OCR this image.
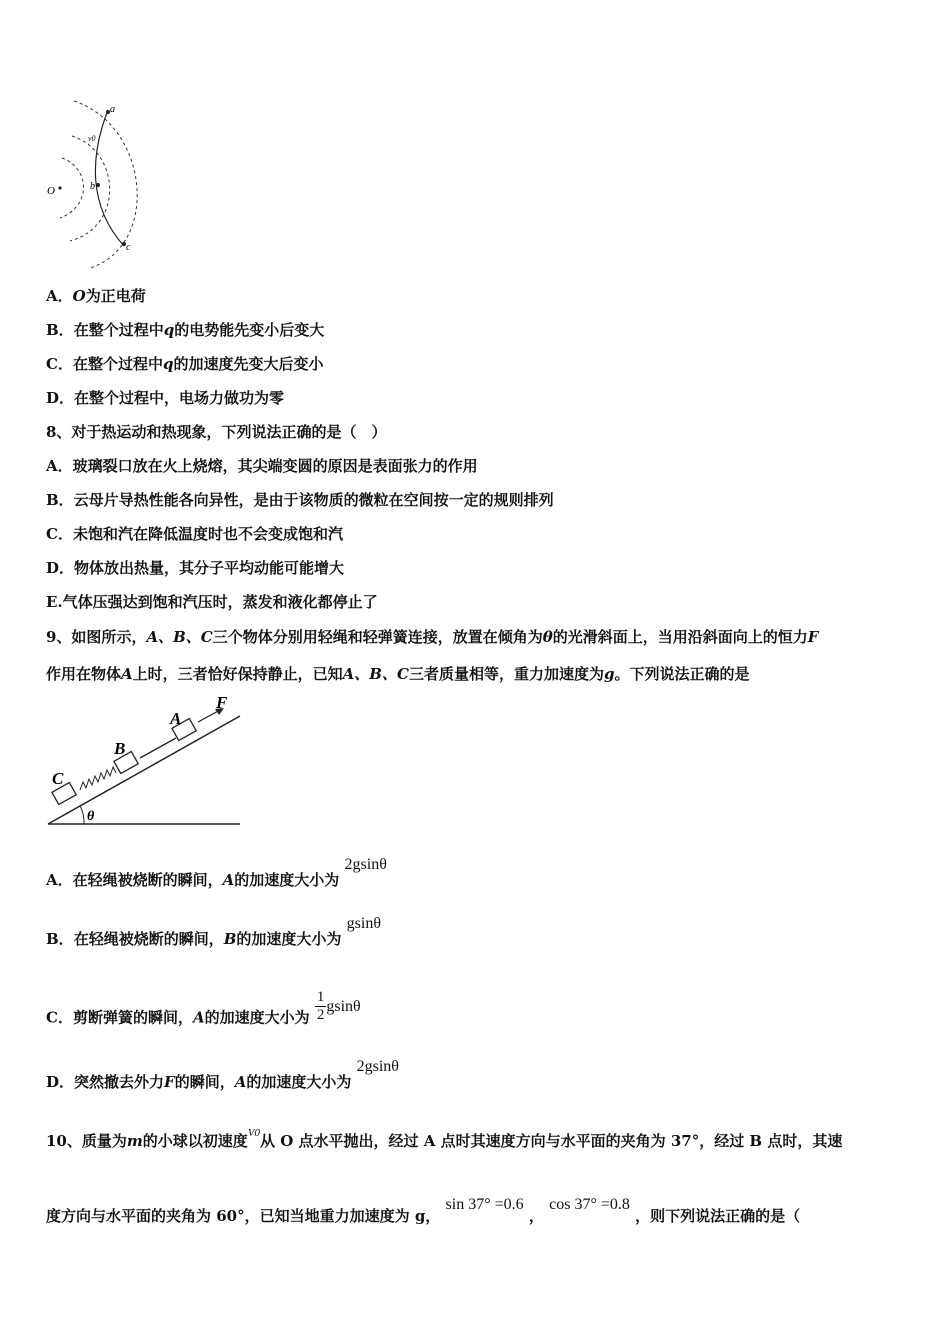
O
a
b
c
v0
A．O为正电荷
B．在整个过程中q的电势能先变小后变大
C．在整个过程中q的加速度先变大后变小
D．在整个过程中，电场力做功为零
8、对于热运动和热现象，下列说法正确的是（　）
A．玻璃裂口放在火上烧熔，其尖端变圆的原因是表面张力的作用
B．云母片导热性能各向异性，是由于该物质的微粒在空间按一定的规则排列
C．未饱和汽在降低温度时也不会变成饱和汽
D．物体放出热量，其分子平均动能可能增大
E.气体压强达到饱和汽压时，蒸发和液化都停止了
9、如图所示，A、B、C三个物体分别用轻绳和轻弹簧连接，放置在倾角为θ的光滑斜面上，当用沿斜面向上的恒力F
作用在物体A上时，三者恰好保持静止，已知A、B、C三者质量相等，重力加速度为g。下列说法正确的是
C
B
A
F
θ
A．在轻绳被烧断的瞬间，A的加速度大小为 2gsinθ
B．在轻绳被烧断的瞬间，B的加速度大小为 gsinθ
C．剪断弹簧的瞬间，A的加速度大小为 $\frac{1}{2}$ gsinθ
D．突然撤去外力F的瞬间，A的加速度大小为 2gsinθ
10、质量为m的小球以初速度$^{V0}$从 O 点水平抛出，经过 A 点时其速度方向与水平面的夹角为 37°，经过 B 点时，其速
度方向与水平面的夹角为 60°，已知当地重力加速度为 g， sin 37° =0.6 ， cos 37° =0.8 ，则下列说法正确的是（
